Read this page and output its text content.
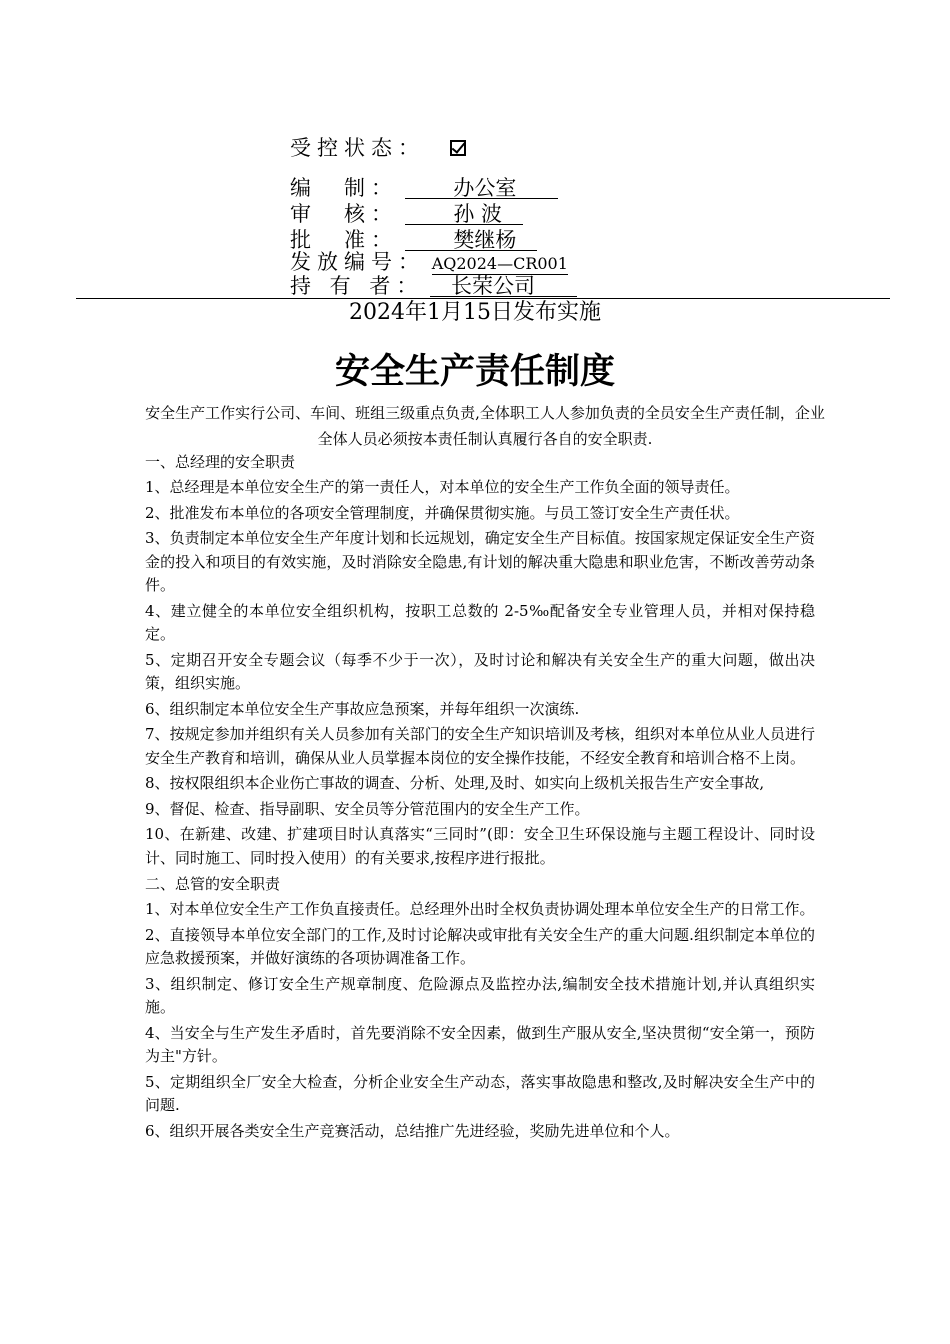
受控状态：
编　制： 　 　办公室　　
审　核： 　 　孙 波　
批　准： 　 　樊继杨　
发放编号： AQ2024—CR001
持 有 者： 　长荣公司　　
2024年1月15日发布实施
安全生产责任制度
安全生产工作实行公司、车间、班组三级重点负责,全体职工人人参加负责的全员安全生产责任制，企业全体人员必须按本责任制认真履行各自的安全职责.
一、总经理的安全职责
1、总经理是本单位安全生产的第一责任人，对本单位的安全生产工作负全面的领导责任。
2、批准发布本单位的各项安全管理制度，并确保贯彻实施。与员工签订安全生产责任状。
3、负责制定本单位安全生产年度计划和长远规划，确定安全生产目标值。按国家规定保证安全生产资金的投入和项目的有效实施，及时消除安全隐患,有计划的解决重大隐患和职业危害，不断改善劳动条件。
4、建立健全的本单位安全组织机构，按职工总数的 2-5‰配备安全专业管理人员，并相对保持稳定。
5、定期召开安全专题会议（每季不少于一次），及时讨论和解决有关安全生产的重大问题，做出决策，组织实施。
6、组织制定本单位安全生产事故应急预案，并每年组织一次演练.
7、按规定参加并组织有关人员参加有关部门的安全生产知识培训及考核，组织对本单位从业人员进行安全生产教育和培训，确保从业人员掌握本岗位的安全操作技能，不经安全教育和培训合格不上岗。
8、按权限组织本企业伤亡事故的调查、分析、处理,及时、如实向上级机关报告生产安全事故,
9、督促、检查、指导副职、安全员等分管范围内的安全生产工作。
10、在新建、改建、扩建项目时认真落实“三同时”(即：安全卫生环保设施与主题工程设计、同时设计、同时施工、同时投入使用）的有关要求,按程序进行报批。
二、总管的安全职责
1、对本单位安全生产工作负直接责任。总经理外出时全权负责协调处理本单位安全生产的日常工作。
2、直接领导本单位安全部门的工作,及时讨论解决或审批有关安全生产的重大问题.组织制定本单位的应急救援预案，并做好演练的各项协调准备工作。
3、组织制定、修订安全生产规章制度、危险源点及监控办法,编制安全技术措施计划,并认真组织实施。
4、当安全与生产发生矛盾时，首先要消除不安全因素，做到生产服从安全,坚决贯彻“安全第一，预防为主"方针。
5、定期组织全厂安全大检查，分析企业安全生产动态，落实事故隐患和整改,及时解决安全生产中的问题.
6、组织开展各类安全生产竞赛活动，总结推广先进经验，奖励先进单位和个人。
